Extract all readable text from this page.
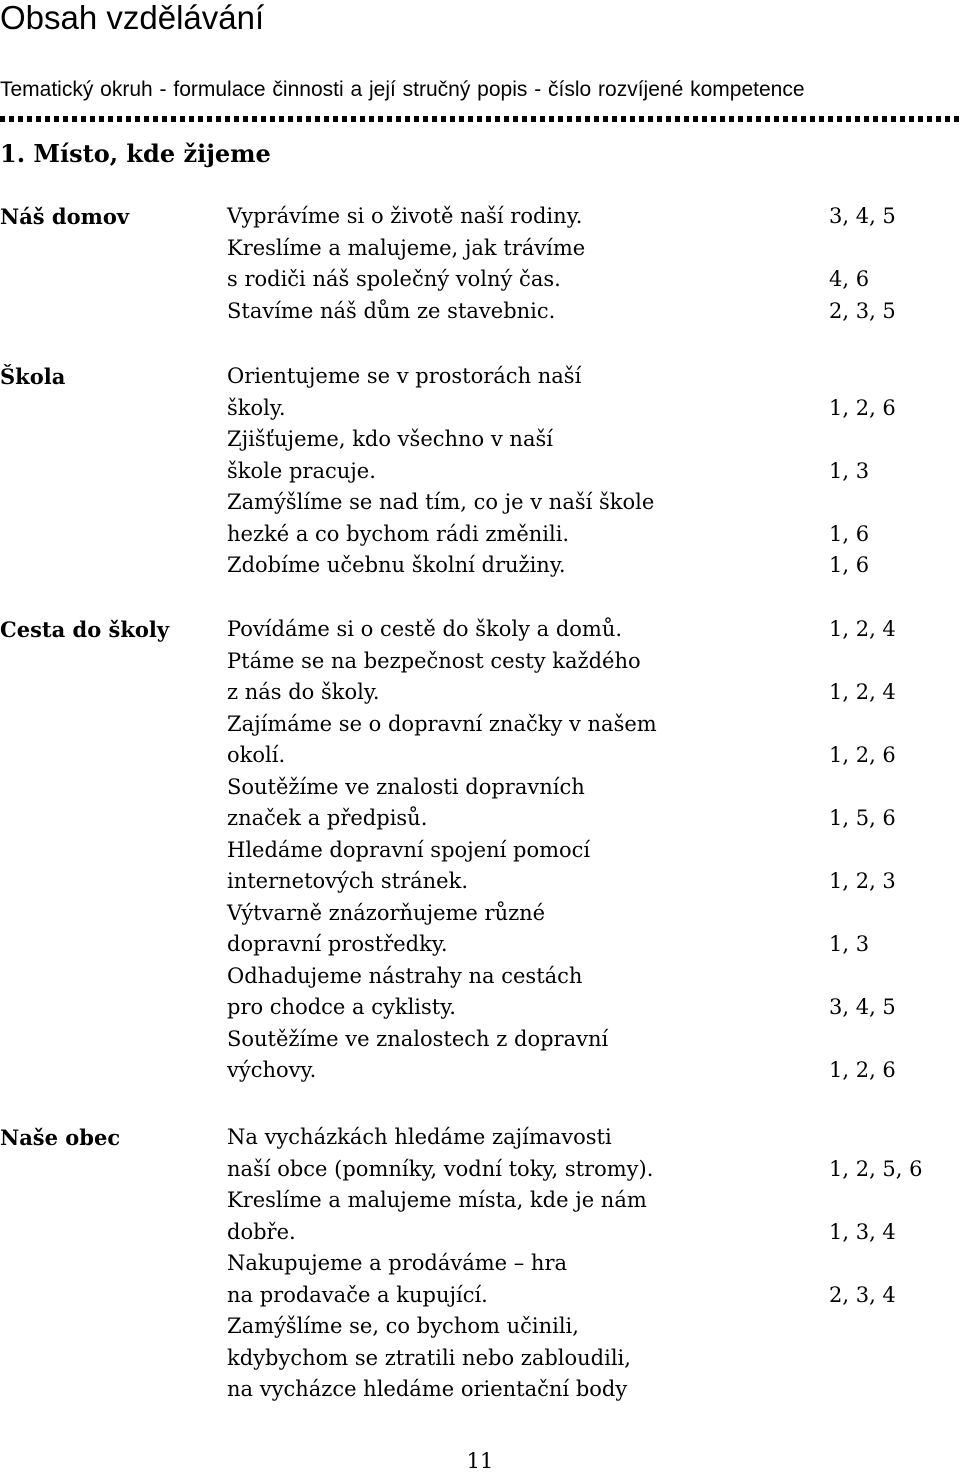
Obsah vzdělávání
Tematický okruh - formulace činnosti a její stručný popis - číslo rozvíjené kompetence
1. Místo, kde žijeme
Náš domov	Vyprávíme si o životě naší rodiny.	3, 4, 5
Kreslíme a malujeme, jak trávíme
s rodiči náš společný volný čas.	4, 6
Stavíme náš dům ze stavebnic.	2, 3, 5
Škola	Orientujeme se v prostorách naší
školy.	1, 2, 6
Zjišťujeme, kdo všechno v naší
škole pracuje.	1, 3
Zamýšlíme se nad tím, co je v naší škole
hezké a co bychom rádi změnili.	1, 6
Zdobíme učebnu školní družiny.	1, 6
Cesta do školy	Povídáme si o cestě do školy a domů.	1, 2, 4
Ptáme se na bezpečnost cesty každého
z nás do školy.	1, 2, 4
Zajímáme se o dopravní značky v našem
okolí.	1, 2, 6
Soutěžíme ve znalosti dopravních
značek a předpisů.	1, 5, 6
Hledáme dopravní spojení pomocí
internetových stránek.	1, 2, 3
Výtvarně znázorňujeme různé
dopravní prostředky.	1, 3
Odhadujeme nástrahy na cestách
pro chodce a cyklisty.	3, 4, 5
Soutěžíme ve znalostech z dopravní
výchovy.	1, 2, 6
Naše obec	Na vycházkách hledáme zajímavosti
naší obce (pomníky, vodní toky, stromy).	1, 2, 5, 6
Kreslíme a malujeme místa, kde je nám
dobře.	1, 3, 4
Nakupujeme a prodáváme – hra
na prodavače a kupující.	2, 3, 4
Zamýšlíme se, co bychom učinili,
kdybychom se ztratili nebo zabloudili,
na vycházce hledáme orientační body
11
